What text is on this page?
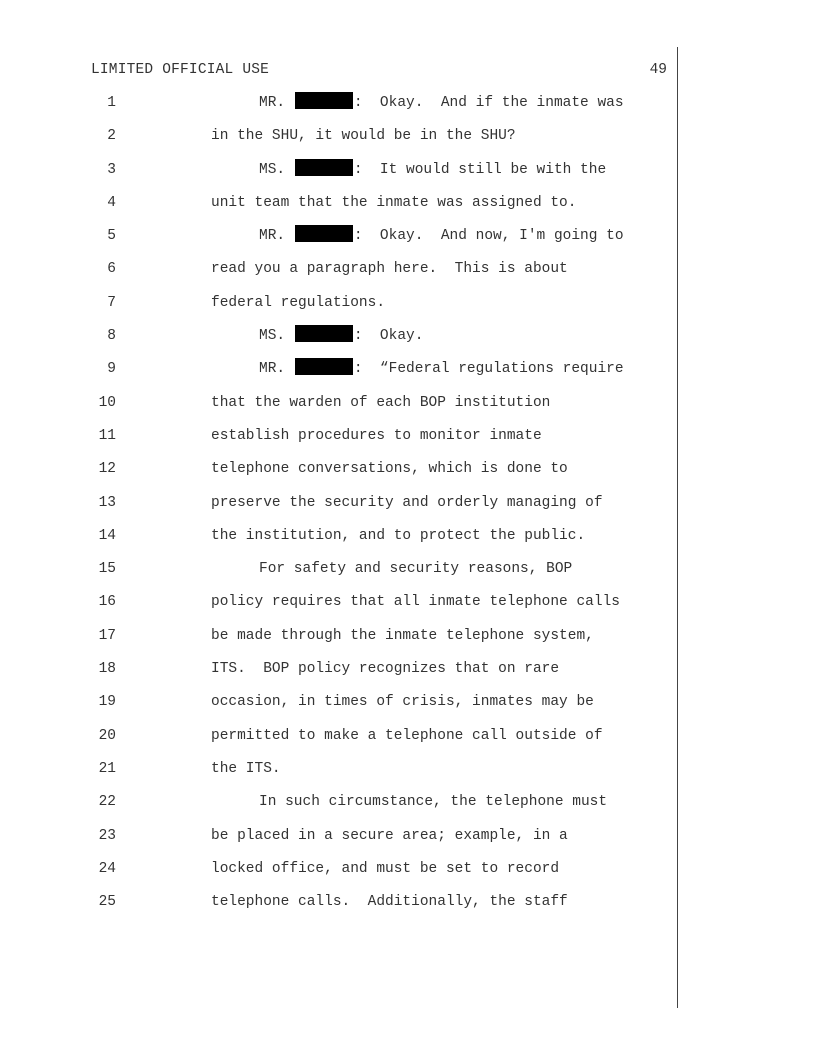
LIMITED OFFICIAL USE	49
1	MR.	:  Okay.  And if the inmate was
2	in the SHU, it would be in the SHU?
3	MS.	:  It would still be with the
4	unit team that the inmate was assigned to.
5	MR.	:  Okay.  And now, I'm going to
6	read you a paragraph here.  This is about
7	federal regulations.
8	MS.	:  Okay.
9	MR.	:  “Federal regulations require
10	that the warden of each BOP institution
11	establish procedures to monitor inmate
12	telephone conversations, which is done to
13	preserve the security and orderly managing of
14	the institution, and to protect the public.
15	For safety and security reasons, BOP
16	policy requires that all inmate telephone calls
17	be made through the inmate telephone system,
18	ITS.  BOP policy recognizes that on rare
19	occasion, in times of crisis, inmates may be
20	permitted to make a telephone call outside of
21	the ITS.
22	In such circumstance, the telephone must
23	be placed in a secure area; example, in a
24	locked office, and must be set to record
25	telephone calls.  Additionally, the staff
